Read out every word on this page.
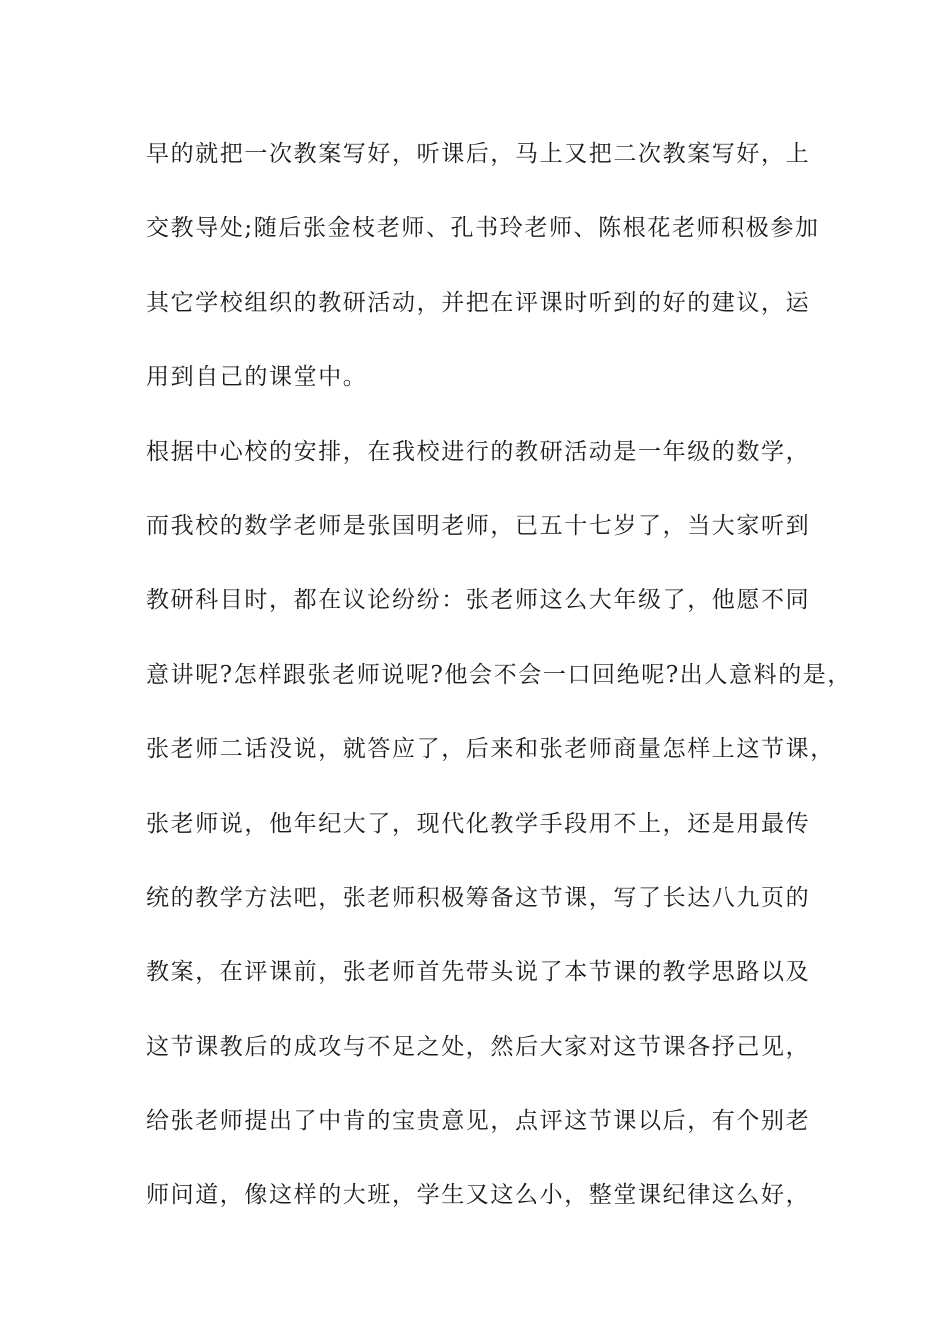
早的就把一次教案写好，听课后，马上又把二次教案写好，上
交教导处;随后张金枝老师、孔书玲老师、陈根花老师积极参加
其它学校组织的教研活动，并把在评课时听到的好的建议，运
用到自己的课堂中。
根据中心校的安排，在我校进行的教研活动是一年级的数学，
而我校的数学老师是张国明老师，已五十七岁了，当大家听到
教研科目时，都在议论纷纷：张老师这么大年级了，他愿不同
意讲呢?怎样跟张老师说呢?他会不会一口回绝呢?出人意料的是，
张老师二话没说，就答应了，后来和张老师商量怎样上这节课，
张老师说，他年纪大了，现代化教学手段用不上，还是用最传
统的教学方法吧，张老师积极筹备这节课，写了长达八九页的
教案，在评课前，张老师首先带头说了本节课的教学思路以及
这节课教后的成攻与不足之处，然后大家对这节课各抒己见，
给张老师提出了中肯的宝贵意见，点评这节课以后，有个别老
师问道，像这样的大班，学生又这么小，整堂课纪律这么好，
